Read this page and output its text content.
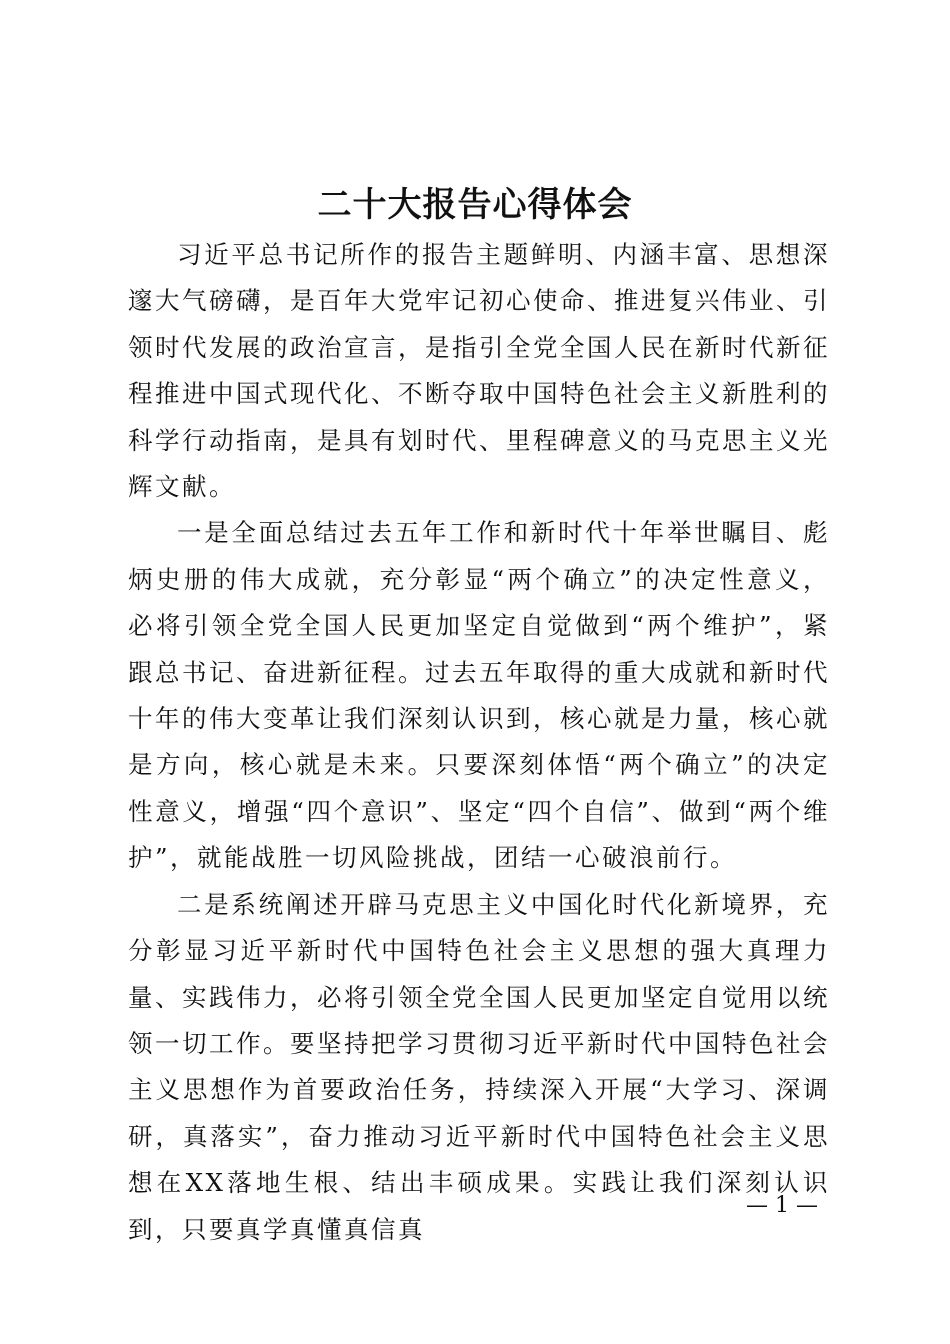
二十大报告心得体会

习近平总书记所作的报告主题鲜明、内涵丰富、思想深邃大气磅礴，是百年大党牢记初心使命、推进复兴伟业、引领时代发展的政治宣言，是指引全党全国人民在新时代新征程推进中国式现代化、不断夺取中国特色社会主义新胜利的科学行动指南，是具有划时代、里程碑意义的马克思主义光辉文献。

一是全面总结过去五年工作和新时代十年举世瞩目、彪炳史册的伟大成就，充分彰显“两个确立”的决定性意义，必将引领全党全国人民更加坚定自觉做到“两个维护”，紧跟总书记、奋进新征程。过去五年取得的重大成就和新时代十年的伟大变革让我们深刻认识到，核心就是力量，核心就是方向，核心就是未来。只要深刻体悟“两个确立”的决定性意义，增强“四个意识”、坚定“四个自信”、做到“两个维护”，就能战胜一切风险挑战，团结一心破浪前行。

二是系统阐述开辟马克思主义中国化时代化新境界，充分彰显习近平新时代中国特色社会主义思想的强大真理力量、实践伟力，必将引领全党全国人民更加坚定自觉用以统领一切工作。要坚持把学习贯彻习近平新时代中国特色社会主义思想作为首要政治任务，持续深入开展“大学习、深调研，真落实”，奋力推动习近平新时代中国特色社会主义思想在XX落地生根、结出丰硕成果。实践让我们深刻认识到，只要真学真懂真信真

— 1 —
